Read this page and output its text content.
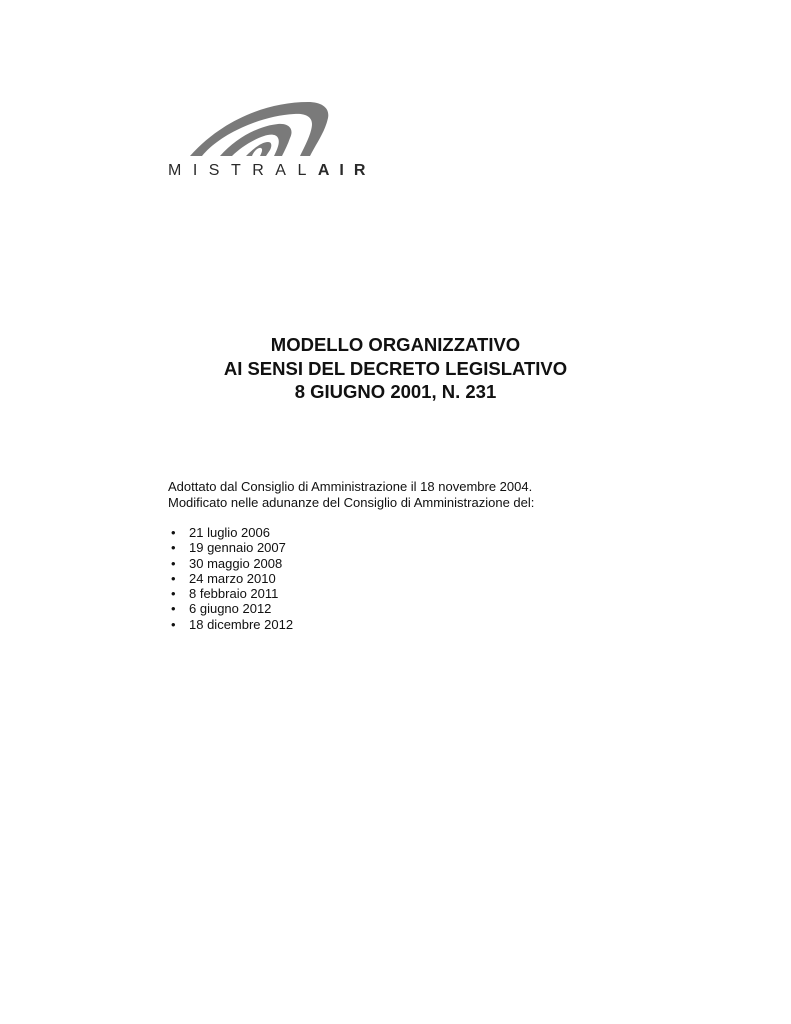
MISTRALAIR
MODELLO ORGANIZZATIVO
AI SENSI DEL DECRETO LEGISLATIVO
8 GIUGNO 2001, N. 231

Adottato dal Consiglio di Amministrazione il 18 novembre 2004.

Modificato nelle adunanze del Consiglio di Amministrazione del:

• 21 luglio 2006
• 19 gennaio 2007
• 30 maggio 2008
• 24 marzo 2010
• 8 febbraio 2011
• 6 giugno 2012
• 18 dicembre 2012
